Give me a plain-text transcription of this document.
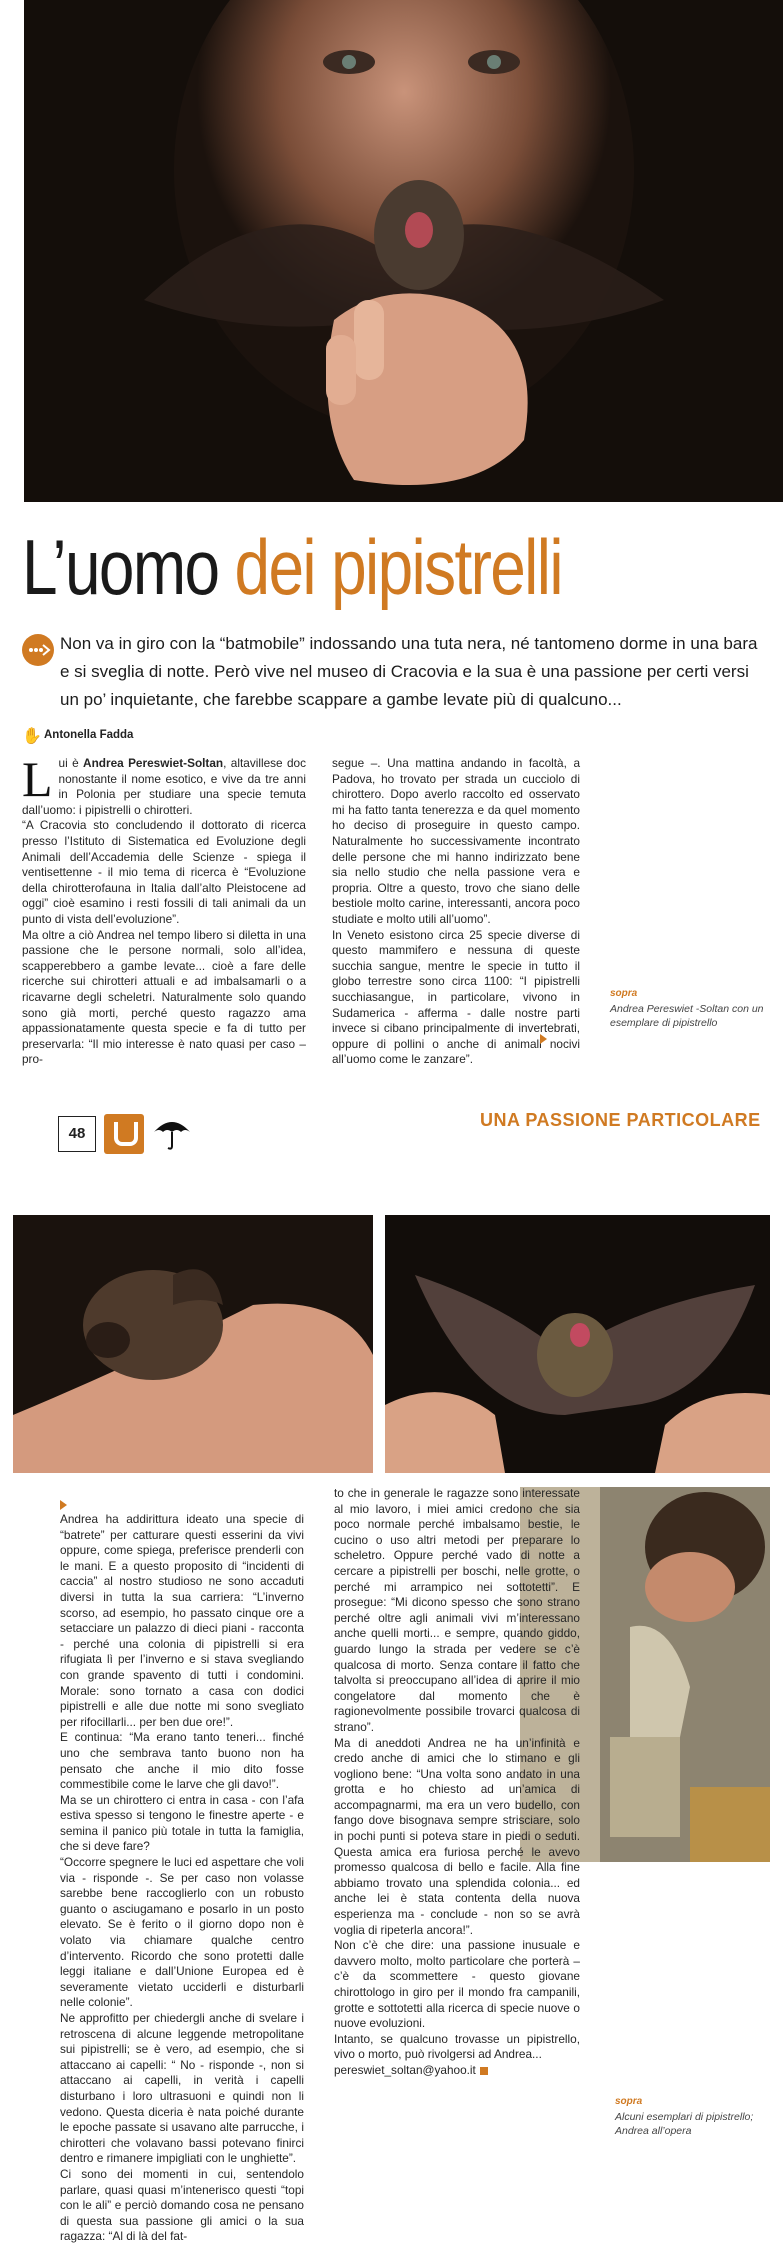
L’uomo dei pipistrelli

Non va in giro con la “batmobile” indossando una tuta nera, né tantomeno dorme in una bara e si sveglia di notte. Però vive nel museo di Cracovia e la sua è una passione per certi versi un po’ inquietante, che farebbe scappare a gambe levate più di qualcuno...

✋ Antonella Fadda

Lui è Andrea Pereswiet-Soltan, altavillese doc nonostante il nome esotico, e vive da tre anni in Polonia per studiare una specie temuta dall’uomo: i pipistrelli o chirotteri.

“A Cracovia sto concludendo il dottorato di ricerca presso l’Istituto di Sistematica ed Evoluzione degli Animali dell’Accademia delle Scienze - spiega il ventisettenne - il mio tema di ricerca è “Evoluzione della chirotterofauna in Italia dall’alto Pleistocene ad oggi” cioè esamino i resti fossili di tali animali da un punto di vista dell’evoluzione”.

Ma oltre a ciò Andrea nel tempo libero si diletta in una passione che le persone normali, solo all’idea, scapperebbero a gambe levate... cioè a fare delle ricerche sui chirotteri attuali e ad imbalsamarli o a ricavarne degli scheletri. Naturalmente solo quando sono già morti, perché questo ragazzo ama appassionatamente questa specie e fa di tutto per preservarla: “Il mio interesse è nato quasi per caso – pro-

segue –. Una mattina andando in facoltà, a Padova, ho trovato per strada un cucciolo di chirottero. Dopo averlo raccolto ed osservato mi ha fatto tanta tenerezza e da quel momento ho deciso di proseguire in questo campo. Naturalmente ho successivamente incontrato delle persone che mi hanno indirizzato bene sia nello studio che nella passione vera e propria. Oltre a questo, trovo che siano delle bestiole molto carine, interessanti, ancora poco studiate e molto utili all’uomo”.

In Veneto esistono circa 25 specie diverse di questo mammifero e nessuna di queste succhia sangue, mentre le specie in tutto il globo terrestre sono circa 1100: “I pipistrelli succhiasangue, in particolare, vivono in Sudamerica - afferma - dalle nostre parti invece si cibano principalmente di invertebrati, oppure di pollini o anche di animali nocivi all’uomo come le zanzare”.

sopra
Andrea Pereswiet -Soltan con un esemplare di pipistrello
48
UNA PASSIONE PARTICOLARE

Andrea ha addirittura ideato una specie di “batrete” per catturare questi esserini da vivi oppure, come spiega, preferisce prenderli con le mani. E a questo proposito di “incidenti di caccia” al nostro studioso ne sono accaduti diversi in tutta la sua carriera: “L’inverno scorso, ad esempio, ho passato cinque ore a setacciare un palazzo di dieci piani - racconta - perché una colonia di pipistrelli si era rifugiata lì per l’inverno e si stava svegliando con grande spavento di tutti i condomini. Morale: sono tornato a casa con dodici pipistrelli e alle due notte mi sono svegliato per rifocillarli... per ben due ore!”.

E continua: “Ma erano tanto teneri... finché uno che sembrava tanto buono non ha pensato che anche il mio dito fosse commestibile come le larve che gli davo!”.

Ma se un chirottero ci entra in casa - con l’afa estiva spesso si tengono le finestre aperte - e semina il panico più totale in tutta la famiglia, che si deve fare?

“Occorre spegnere le luci ed aspettare che voli via - risponde -. Se per caso non volasse sarebbe bene raccoglierlo con un robusto guanto o asciugamano e posarlo in un posto elevato. Se è ferito o il giorno dopo non è volato via chiamare qualche centro d’intervento. Ricordo che sono protetti dalle leggi italiane e dall’Unione Europea ed è severamente vietato ucciderli e disturbarli nelle colonie”.

Ne approfitto per chiedergli anche di svelare i retroscena di alcune leggende metropolitane sui pipistrelli; se è vero, ad esempio, che si attaccano ai capelli: “ No - risponde -, non si attaccano ai capelli, in verità i capelli disturbano i loro ultrasuoni e quindi non li vedono. Questa diceria è nata poiché durante le epoche passate si usavano alte parrucche, i chirotteri che volavano bassi potevano finirci dentro e rimanere impigliati con le unghiette”.

Ci sono dei momenti in cui, sentendolo parlare, quasi quasi m’intenerisco questi “topi con le ali” e perciò domando cosa ne pensano di questa sua passione gli amici o la sua ragazza: “Al di là del fat-

to che in generale le ragazze sono interessate al mio lavoro, i miei amici credono che sia poco normale perché imbalsamo bestie, le cucino o uso altri metodi per preparare lo scheletro. Oppure perché vado di notte a cercare a pipistrelli per boschi, nelle grotte, o perché mi arrampico nei sottotetti”. E prosegue: “Mi dicono spesso che sono strano perché oltre agli animali vivi m’interessano anche quelli morti... e sempre, quando giddo, guardo lungo la strada per vedere se c’è qualcosa di morto. Senza contare il fatto che talvolta si preoccupano all’idea di aprire il mio congelatore dal momento che è ragionevolmente possibile trovarci qualcosa di strano”.

Ma di aneddoti Andrea ne ha un’infinità e credo anche di amici che lo stimano e gli vogliono bene: “Una volta sono andato in una grotta e ho chiesto ad un’amica di accompagnarmi, ma era un vero budello, con fango dove bisognava sempre strisciare, solo in pochi punti si poteva stare in piedi o seduti. Questa amica era furiosa perché le avevo promesso qualcosa di bello e facile. Alla fine abbiamo trovato una splendida colonia... ed anche lei è stata contenta della nuova esperienza ma - conclude - non so se avrà voglia di ripeterla ancora!”.

Non c’è che dire: una passione inusuale e davvero molto, molto particolare che porterà – c’è da scommettere - questo giovane chirottologo in giro per il mondo fra campanili, grotte e sottotetti alla ricerca di specie nuove o nuove evoluzioni.

Intanto, se qualcuno trovasse un pipistrello, vivo o morto, può rivolgersi ad Andrea...

pereswiet_soltan@yahoo.it

sopra
Alcuni esemplari di pipistrello; Andrea all’opera
